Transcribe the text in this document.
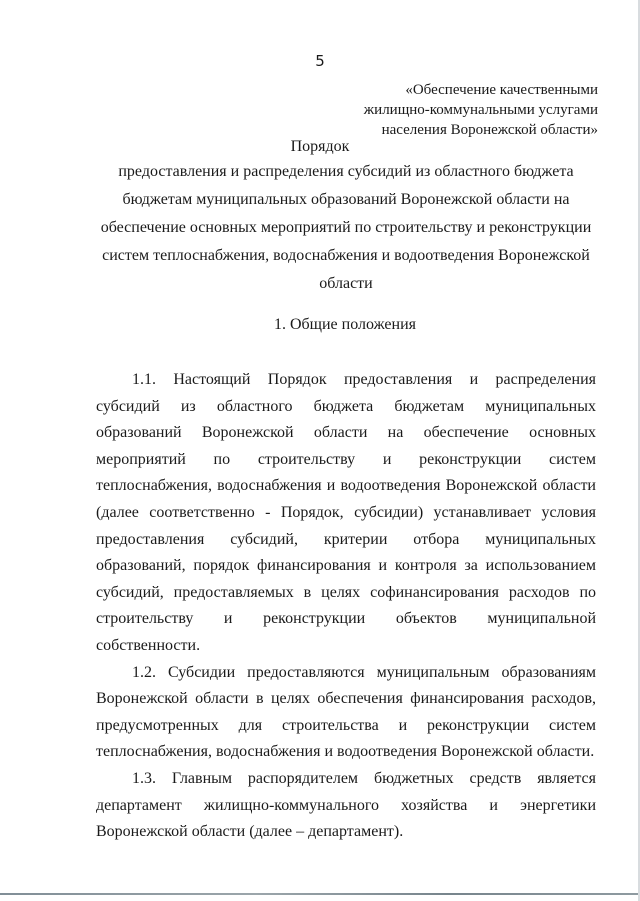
5
«Обеспечение качественными
жилищно-коммунальными услугами
населения Воронежской области»
Порядок
предоставления и распределения субсидий из областного бюджета бюджетам муниципальных образований Воронежской области на обеспечение основных мероприятий по строительству и реконструкции систем теплоснабжения, водоснабжения и водоотведения Воронежской области
1. Общие положения

1.1. Настоящий Порядок предоставления и распределения субсидий из областного бюджета бюджетам муниципальных образований Воронежской области на обеспечение основных мероприятий по строительству и реконструкции систем теплоснабжения, водоснабжения и водоотведения Воронежской области (далее соответственно - Порядок, субсидии) устанавливает условия предоставления субсидий, критерии отбора муниципальных образований, порядок финансирования и контроля за использованием субсидий, предоставляемых в целях софинансирования расходов по строительству и реконструкции объектов муниципальной собственности.

1.2. Субсидии предоставляются муниципальным образованиям Воронежской области в целях обеспечения финансирования расходов, предусмотренных для строительства и реконструкции систем теплоснабжения, водоснабжения и водоотведения Воронежской области.

1.3. Главным распорядителем бюджетных средств является департамент жилищно-коммунального хозяйства и энергетики Воронежской области (далее – департамент).
